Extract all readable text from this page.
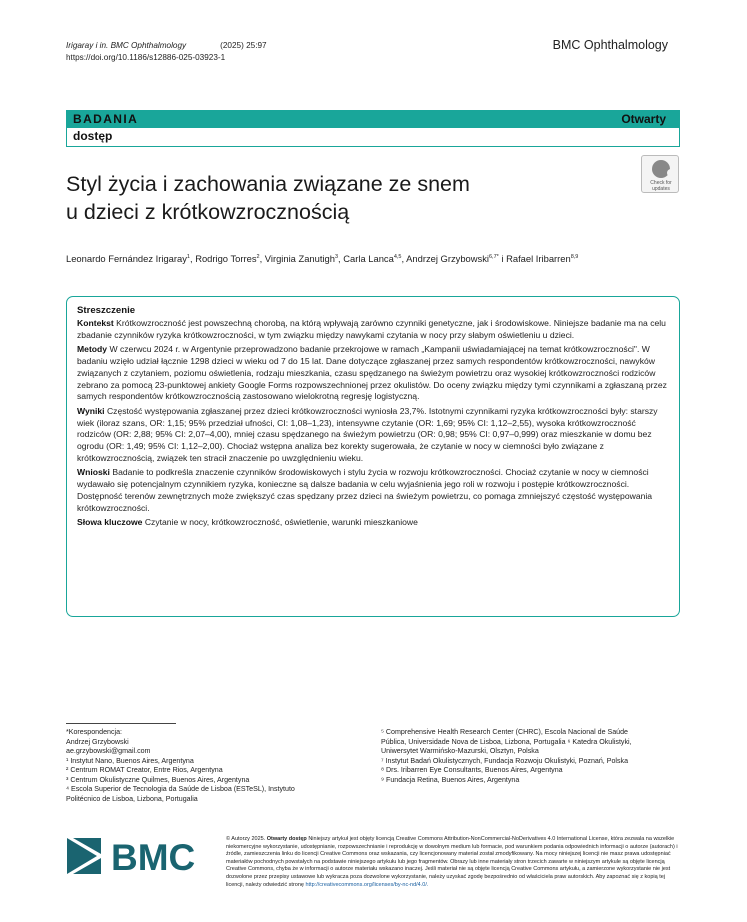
Irigaray i in. BMC Ophthalmology	(2025) 25:97
https://doi.org/10.1186/s12886-025-03923-1
BMC Ophthalmology
BADANIA	Otwarty
dostęp
Check for updates
Styl życia i zachowania związane ze snem
u dzieci z krótkowzrocznością
Leonardo Fernández Irigaray$^1$, Rodrigo Torres$^2$, Virginia Zanutigh$^3$, Carla Lanca$^{4,5}$, Andrzej Grzybowski$^{6,7*}$ i Rafael Iribarren$^{8,9}$
Streszczenie

Kontekst Krótkowzroczność jest powszechną chorobą, na którą wpływają zarówno czynniki genetyczne, jak i środowiskowe. Niniejsze badanie ma na celu zbadanie czynników ryzyka krótkowzroczności, w tym związku między nawykami czytania w nocy przy słabym oświetleniu u dzieci.

Metody W czerwcu 2024 r. w Argentynie przeprowadzono badanie przekrojowe w ramach „Kampanii uświadamiającej na temat krótkowzroczności". W badaniu wzięło udział łącznie 1298 dzieci w wieku od 7 do 15 lat. Dane dotyczące zgłaszanej przez samych respondentów krótkowzroczności, nawyków związanych z czytaniem, poziomu oświetlenia, rodzaju mieszkania, czasu spędzanego na świeżym powietrzu oraz wysokiej krótkowzroczności rodziców zebrano za pomocą 23-punktowej ankiety Google Forms rozpowszechnionej przez okulistów. Do oceny związku między tymi czynnikami a zgłaszaną przez samych respondentów krótkowzrocznością zastosowano wielokrotną regresję logistyczną.

Wyniki Częstość występowania zgłaszanej przez dzieci krótkowzroczności wyniosła 23,7%. Istotnymi czynnikami ryzyka krótkowzroczności były: starszy wiek (iloraz szans, OR: 1,15; 95% przedział ufności, CI: 1,08–1,23), intensywne czytanie (OR: 1,69; 95% CI: 1,12–2,55), wysoka krótkowzroczność rodziców (OR: 2,88; 95% CI: 2,07–4,00), mniej czasu spędzanego na świeżym powietrzu (OR: 0,98; 95% CI: 0,97–0,999) oraz mieszkanie w domu bez ogrodu (OR: 1,49; 95% CI: 1,12–2,00). Chociaż wstępna analiza bez korekty sugerowała, że czytanie w nocy w ciemności było związane z krótkowzrocznością, związek ten stracił znaczenie po uwzględnieniu wieku.

Wnioski Badanie to podkreśla znaczenie czynników środowiskowych i stylu życia w rozwoju krótkowzroczności. Chociaż czytanie w nocy w ciemności wydawało się potencjalnym czynnikiem ryzyka, konieczne są dalsze badania w celu wyjaśnienia jego roli w rozwoju i postępie krótkowzroczności. Dostępność terenów zewnętrznych może zwiększyć czas spędzany przez dzieci na świeżym powietrzu, co pomaga zmniejszyć częstość występowania krótkowzroczności.

Słowa kluczowe Czytanie w nocy, krótkowzroczność, oświetlenie, warunki mieszkaniowe

*Korespondencja:
Andrzej Grzybowski
ae.grzybowski@gmail.com
¹ Instytut Nano, Buenos Aires, Argentyna
² Centrum ROMAT Creator, Entre Rios, Argentyna
³ Centrum Okulistyczne Quilmes, Buenos Aires, Argentyna
⁴ Escola Superior de Tecnologia da Saúde de Lisboa (ESTeSL), Instytuto
Politécnico de Lisboa, Lizbona, Portugalia
⁵ Comprehensive Health Research Center (CHRC), Escola Nacional de Saúde
Pública, Universidade Nova de Lisboa, Lizbona, Portugalia ⁶ Katedra Okulistyki,
Uniwersytet Warmińsko-Mazurski, Olsztyn, Polska
⁷ Instytut Badań Okulistycznych, Fundacja Rozwoju Okulistyki, Poznań, Polska
⁸ Drs. Iribarren Eye Consultants, Buenos Aires, Argentyna
⁹ Fundacja Retina, Buenos Aires, Argentyna
BMC	© Autorzy 2025. Otwarty dostęp Niniejszy artykuł jest objęty licencją Creative Commons Attribution-NonCommercial-NoDerivatives 4.0 International License, która zezwala na wszelkie niekomercyjne wykorzystanie, udostępnianie, rozpowszechnianie i reprodukcję w dowolnym medium lub formacie, pod warunkiem podania odpowiednich informacji o autorze (autorach) i źródle, zamieszczenia linku do licencji Creative Commons oraz wskazania, czy licencjonowany materiał został zmodyfikowany. Na mocy niniejszej licencji nie masz prawa udostępniać materiałów pochodnych powstałych na podstawie niniejszego artykułu lub jego fragmentów. Obrazy lub inne materiały stron trzecich zawarte w niniejszym artykule są objęte licencją Creative Commons, chyba że w informacji o autorze materiału wskazano inaczej. Jeśli materiał nie są objęte licencją Creative Commons artykułu, a zamierzone wykorzystanie nie jest dozwolone przez przepisy ustawowe lub wykracza poza dozwolone wykorzystanie, należy uzyskać zgodę bezpośrednio od właściciela praw autorskich. Aby zapoznać się z kopią tej licencji, należy odwiedzić stronę http://creativecommons.org/licenses/by-nc-nd/4.0/.
